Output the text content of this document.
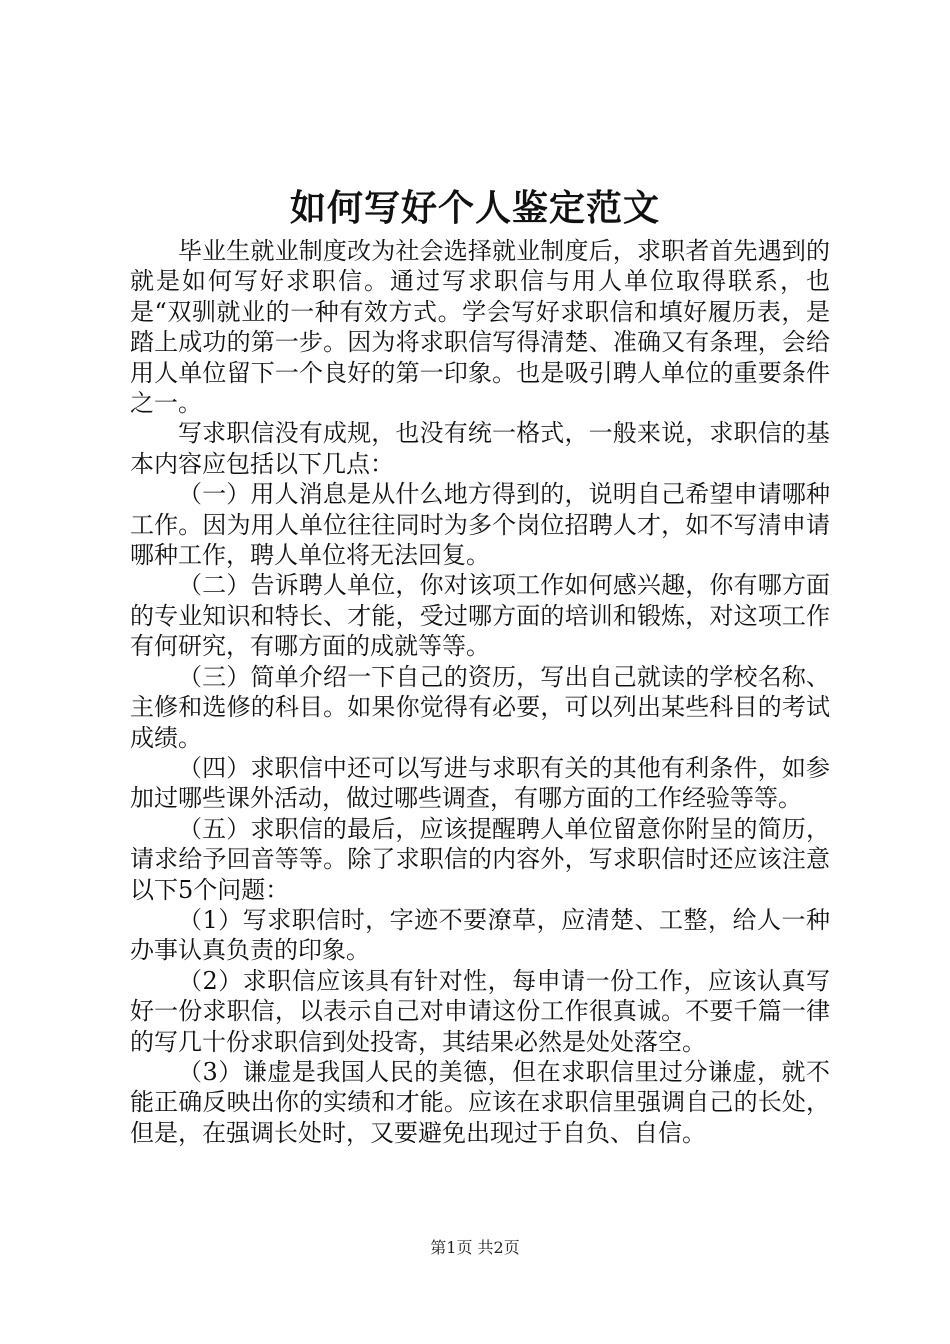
如何写好个人鉴定范文

毕业生就业制度改为社会选择就业制度后，求职者首先遇到的就是如何写好求职信。通过写求职信与用人单位取得联系，也是“双驯就业的一种有效方式。学会写好求职信和填好履历表，是踏上成功的第一步。因为将求职信写得清楚、准确又有条理，会给用人单位留下一个良好的第一印象。也是吸引聘人单位的重要条件之一。

写求职信没有成规，也没有统一格式，一般来说，求职信的基本内容应包括以下几点：

（一）用人消息是从什么地方得到的，说明自己希望申请哪种工作。因为用人单位往往同时为多个岗位招聘人才，如不写清申请哪种工作，聘人单位将无法回复。

（二）告诉聘人单位，你对该项工作如何感兴趣，你有哪方面的专业知识和特长、才能，受过哪方面的培训和锻炼，对这项工作有何研究，有哪方面的成就等等。

（三）简单介绍一下自己的资历，写出自己就读的学校名称、主修和选修的科目。如果你觉得有必要，可以列出某些科目的考试成绩。

（四）求职信中还可以写进与求职有关的其他有利条件，如参加过哪些课外活动，做过哪些调查，有哪方面的工作经验等等。

（五）求职信的最后，应该提醒聘人单位留意你附呈的简历，请求给予回音等等。除了求职信的内容外，写求职信时还应该注意以下5个问题：

（1）写求职信时，字迹不要潦草，应清楚、工整，给人一种办事认真负责的印象。

（2）求职信应该具有针对性，每申请一份工作，应该认真写好一份求职信，以表示自己对申请这份工作很真诚。不要千篇一律的写几十份求职信到处投寄，其结果必然是处处落空。

（3）谦虚是我国人民的美德，但在求职信里过分谦虚，就不能正确反映出你的实绩和才能。应该在求职信里强调自己的长处，但是，在强调长处时，又要避免出现过于自负、自信。

第1页 共2页
